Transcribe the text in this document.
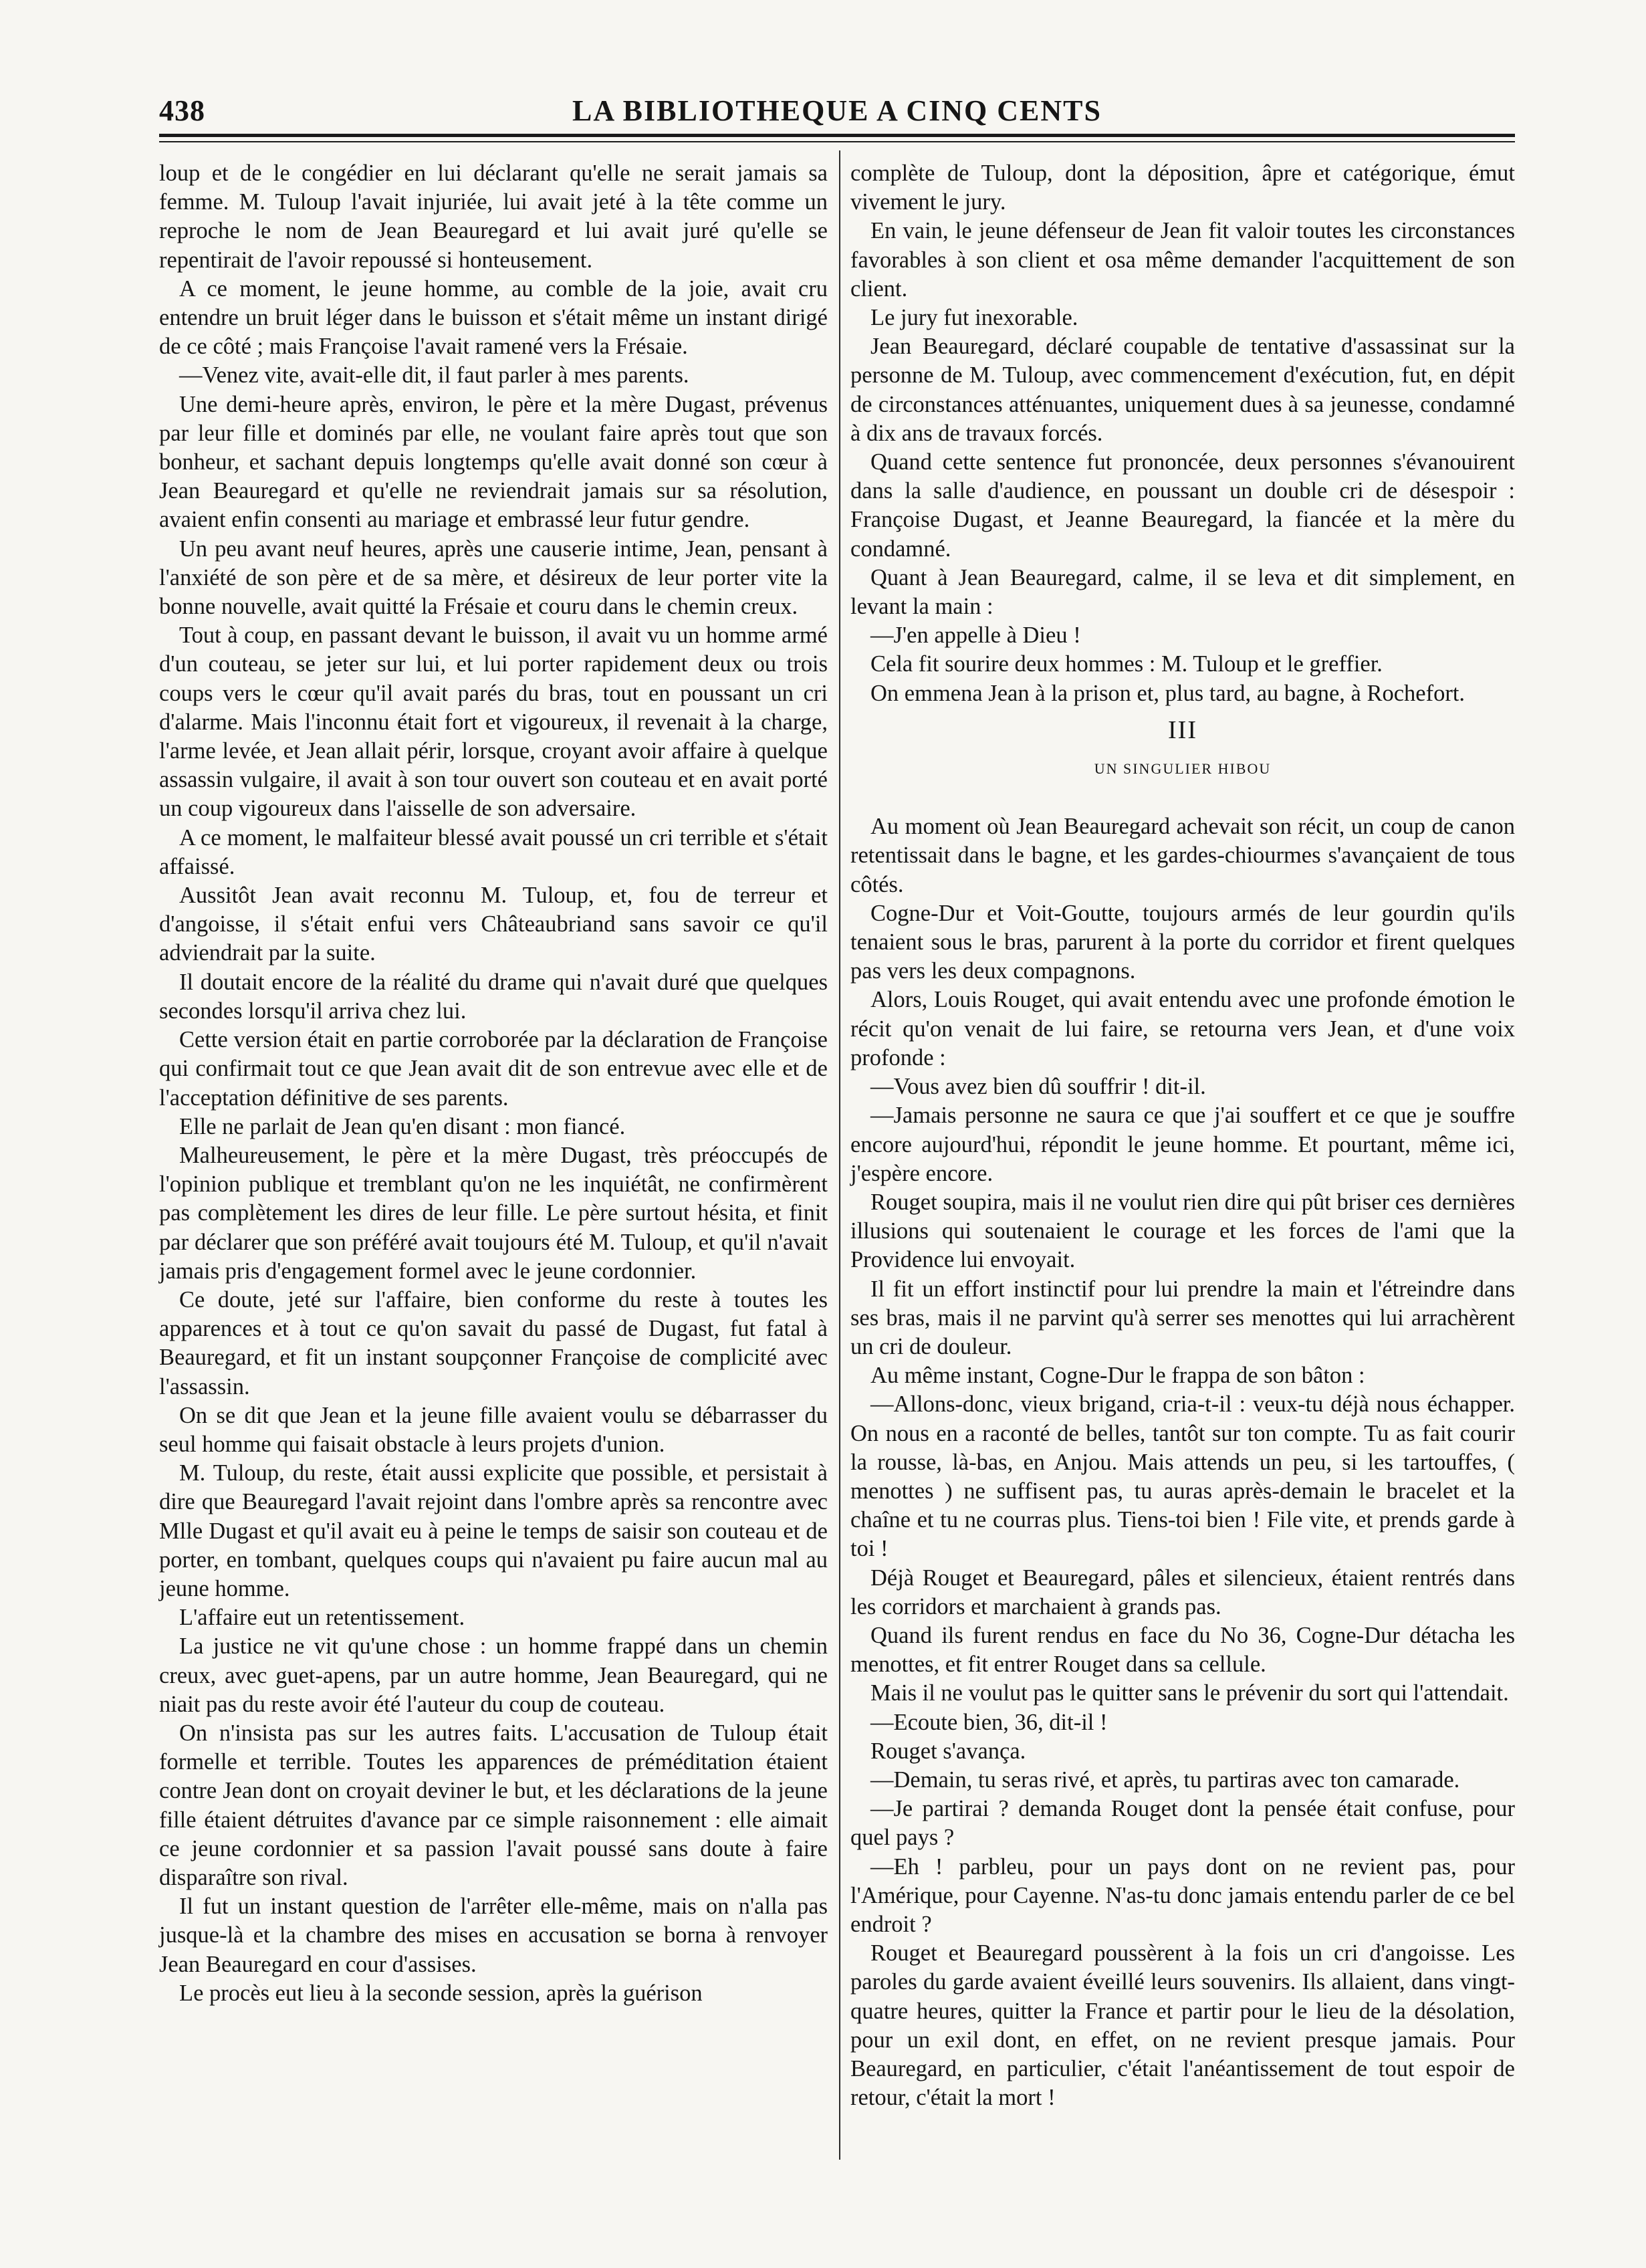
438	LA BIBLIOTHEQUE A CINQ CENTS

loup et de le congédier en lui déclarant qu'elle ne serait jamais sa femme. M. Tuloup l'avait injuriée, lui avait jeté à la tête comme un reproche le nom de Jean Beauregard et lui avait juré qu'elle se repentirait de l'avoir repoussé si honteusement.

A ce moment, le jeune homme, au comble de la joie, avait cru entendre un bruit léger dans le buisson et s'était même un instant dirigé de ce côté ; mais Françoise l'avait ramené vers la Frésaie.

—Venez vite, avait-elle dit, il faut parler à mes parents.

Une demi-heure après, environ, le père et la mère Dugast, prévenus par leur fille et dominés par elle, ne voulant faire après tout que son bonheur, et sachant depuis longtemps qu'elle avait donné son cœur à Jean Beauregard et qu'elle ne reviendrait jamais sur sa résolution, avaient enfin consenti au mariage et embrassé leur futur gendre.

Un peu avant neuf heures, après une causerie intime, Jean, pensant à l'anxiété de son père et de sa mère, et désireux de leur porter vite la bonne nouvelle, avait quitté la Frésaie et couru dans le chemin creux.

Tout à coup, en passant devant le buisson, il avait vu un homme armé d'un couteau, se jeter sur lui, et lui porter rapidement deux ou trois coups vers le cœur qu'il avait parés du bras, tout en poussant un cri d'alarme. Mais l'inconnu était fort et vigoureux, il revenait à la charge, l'arme levée, et Jean allait périr, lorsque, croyant avoir affaire à quelque assassin vulgaire, il avait à son tour ouvert son couteau et en avait porté un coup vigoureux dans l'aisselle de son adversaire.

A ce moment, le malfaiteur blessé avait poussé un cri terrible et s'était affaissé.

Aussitôt Jean avait reconnu M. Tuloup, et, fou de terreur et d'angoisse, il s'était enfui vers Châteaubriand sans savoir ce qu'il adviendrait par la suite.

Il doutait encore de la réalité du drame qui n'avait duré que quelques secondes lorsqu'il arriva chez lui.

Cette version était en partie corroborée par la déclaration de Françoise qui confirmait tout ce que Jean avait dit de son entrevue avec elle et de l'acceptation définitive de ses parents.

Elle ne parlait de Jean qu'en disant : mon fiancé.

Malheureusement, le père et la mère Dugast, très préoccupés de l'opinion publique et tremblant qu'on ne les inquiétât, ne confirmèrent pas complètement les dires de leur fille. Le père surtout hésita, et finit par déclarer que son préféré avait toujours été M. Tuloup, et qu'il n'avait jamais pris d'engagement formel avec le jeune cordonnier.

Ce doute, jeté sur l'affaire, bien conforme du reste à toutes les apparences et à tout ce qu'on savait du passé de Dugast, fut fatal à Beauregard, et fit un instant soupçonner Françoise de complicité avec l'assassin.

On se dit que Jean et la jeune fille avaient voulu se débarrasser du seul homme qui faisait obstacle à leurs projets d'union.

M. Tuloup, du reste, était aussi explicite que possible, et persistait à dire que Beauregard l'avait rejoint dans l'ombre après sa rencontre avec Mlle Dugast et qu'il avait eu à peine le temps de saisir son couteau et de porter, en tombant, quelques coups qui n'avaient pu faire aucun mal au jeune homme.

L'affaire eut un retentissement.

La justice ne vit qu'une chose : un homme frappé dans un chemin creux, avec guet-apens, par un autre homme, Jean Beauregard, qui ne niait pas du reste avoir été l'auteur du coup de couteau.

On n'insista pas sur les autres faits. L'accusation de Tuloup était formelle et terrible. Toutes les apparences de préméditation étaient contre Jean dont on croyait deviner le but, et les déclarations de la jeune fille étaient détruites d'avance par ce simple raisonnement : elle aimait ce jeune cordonnier et sa passion l'avait poussé sans doute à faire disparaître son rival.

Il fut un instant question de l'arrêter elle-même, mais on n'alla pas jusque-là et la chambre des mises en accusation se borna à renvoyer Jean Beauregard en cour d'assises.

Le procès eut lieu à la seconde session, après la guérison

complète de Tuloup, dont la déposition, âpre et catégorique, émut vivement le jury.

En vain, le jeune défenseur de Jean fit valoir toutes les circonstances favorables à son client et osa même demander l'acquittement de son client.

Le jury fut inexorable.

Jean Beauregard, déclaré coupable de tentative d'assassinat sur la personne de M. Tuloup, avec commencement d'exécution, fut, en dépit de circonstances atténuantes, uniquement dues à sa jeunesse, condamné à dix ans de travaux forcés.

Quand cette sentence fut prononcée, deux personnes s'évanouirent dans la salle d'audience, en poussant un double cri de désespoir : Françoise Dugast, et Jeanne Beauregard, la fiancée et la mère du condamné.

Quant à Jean Beauregard, calme, il se leva et dit simplement, en levant la main :

—J'en appelle à Dieu !

Cela fit sourire deux hommes : M. Tuloup et le greffier.

On emmena Jean à la prison et, plus tard, au bagne, à Rochefort.

III
UN SINGULIER HIBOU

Au moment où Jean Beauregard achevait son récit, un coup de canon retentissait dans le bagne, et les gardes-chiourmes s'avançaient de tous côtés.

Cogne-Dur et Voit-Goutte, toujours armés de leur gourdin qu'ils tenaient sous le bras, parurent à la porte du corridor et firent quelques pas vers les deux compagnons.

Alors, Louis Rouget, qui avait entendu avec une profonde émotion le récit qu'on venait de lui faire, se retourna vers Jean, et d'une voix profonde :

—Vous avez bien dû souffrir ! dit-il.

—Jamais personne ne saura ce que j'ai souffert et ce que je souffre encore aujourd'hui, répondit le jeune homme. Et pourtant, même ici, j'espère encore.

Rouget soupira, mais il ne voulut rien dire qui pût briser ces dernières illusions qui soutenaient le courage et les forces de l'ami que la Providence lui envoyait.

Il fit un effort instinctif pour lui prendre la main et l'étreindre dans ses bras, mais il ne parvint qu'à serrer ses menottes qui lui arrachèrent un cri de douleur.

Au même instant, Cogne-Dur le frappa de son bâton :

—Allons-donc, vieux brigand, cria-t-il : veux-tu déjà nous échapper. On nous en a raconté de belles, tantôt sur ton compte. Tu as fait courir la rousse, là-bas, en Anjou. Mais attends un peu, si les tartouffes, ( menottes ) ne suffisent pas, tu auras après-demain le bracelet et la chaîne et tu ne courras plus. Tiens-toi bien ! File vite, et prends garde à toi !

Déjà Rouget et Beauregard, pâles et silencieux, étaient rentrés dans les corridors et marchaient à grands pas.

Quand ils furent rendus en face du No 36, Cogne-Dur détacha les menottes, et fit entrer Rouget dans sa cellule.

Mais il ne voulut pas le quitter sans le prévenir du sort qui l'attendait.

—Ecoute bien, 36, dit-il !

Rouget s'avança.

—Demain, tu seras rivé, et après, tu partiras avec ton camarade.

—Je partirai ? demanda Rouget dont la pensée était confuse, pour quel pays ?

—Eh ! parbleu, pour un pays dont on ne revient pas, pour l'Amérique, pour Cayenne. N'as-tu donc jamais entendu parler de ce bel endroit ?

Rouget et Beauregard poussèrent à la fois un cri d'angoisse. Les paroles du garde avaient éveillé leurs souvenirs. Ils allaient, dans vingt-quatre heures, quitter la France et partir pour le lieu de la désolation, pour un exil dont, en effet, on ne revient presque jamais. Pour Beauregard, en particulier, c'était l'anéantissement de tout espoir de retour, c'était la mort !
